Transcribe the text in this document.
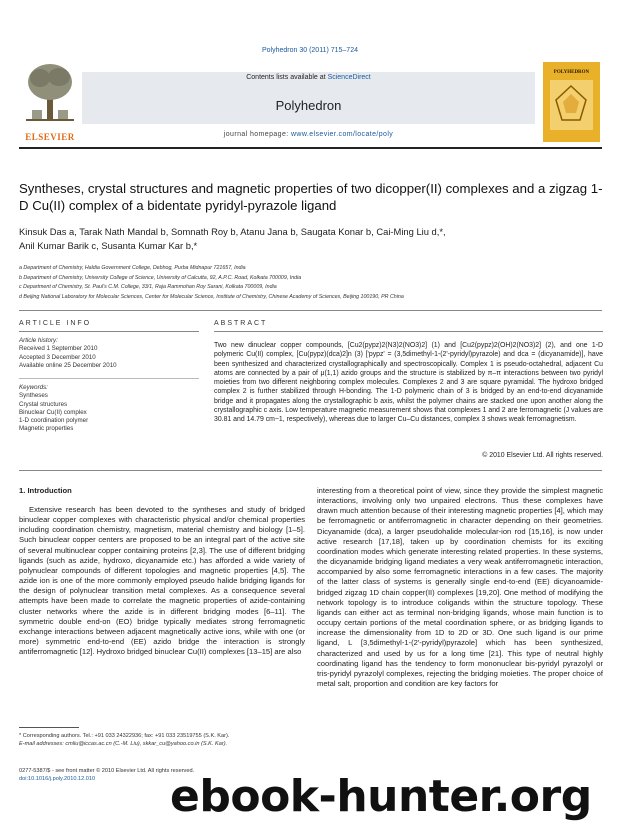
Polyhedron 30 (2011) 715–724
ELSEVIER
Contents lists available at ScienceDirect
Polyhedron
journal homepage: www.elsevier.com/locate/poly
POLYHEDRON
Syntheses, crystal structures and magnetic properties of two dicopper(II) complexes and a zigzag 1-D Cu(II) complex of a bidentate pyridyl-pyrazole ligand
Kinsuk Das a, Tarak Nath Mandal b, Somnath Roy b, Atanu Jana b, Saugata Konar b, Cai-Ming Liu d,*,
Anil Kumar Barik c, Susanta Kumar Kar b,*
a Department of Chemistry, Haldia Government College, Debhog, Purba Midnapur 721657, India
b Department of Chemistry, University College of Science, University of Calcutta, 92, A.P.C. Road, Kolkata 700009, India
c Department of Chemistry, St. Paul's C.M. College, 33/1, Raja Rammohan Roy Sarani, Kolkata 700009, India
d Beijing National Laboratory for Molecular Sciences, Center for Molecular Science, Institute of Chemistry, Chinese Academy of Sciences, Beijing 100190, PR China
ARTICLE INFO
Article history:
Received 1 September 2010
Accepted 3 December 2010
Available online 25 December 2010
Keywords:
Syntheses
Crystal structures
Binuclear Cu(II) complex
1-D coordination polymer
Magnetic properties
ABSTRACT
Two new dinuclear copper compounds, [Cu2(pypz)2(N3)2(NO3)2] (1) and [Cu2(pypz)2(OH)2(NO3)2] (2), and one 1-D polymeric Cu(II) complex, [Cu(pypz)(dca)2]n (3) ['pypz' = (3,5dimethyl-1-(2'-pyridyl)pyrazole) and dca = (dicyanamide)], have been synthesized and characterized crystallographically and spectroscopically. Complex 1 is pseudo-octahedral, adjacent Cu atoms are connected by a pair of μ(1,1) azido groups and the structure is stabilized by π–π interactions between two pyridyl moieties from two different neighboring complex molecules. Complexes 2 and 3 are square pyramidal. The hydroxo bridged complex 2 is further stabilized through H-bonding. The 1-D polymeric chain of 3 is bridged by an end-to-end dicyanamide bridge and it propagates along the crystallographic b axis, whilst the polymer chains are stacked one upon another along the crystallographic c axis. Low temperature magnetic measurement shows that complexes 1 and 2 are ferromagnetic (J values are 30.81 and 14.79 cm−1, respectively), whereas due to larger Cu–Cu distances, complex 3 shows weak ferromagnetism.
© 2010 Elsevier Ltd. All rights reserved.
1. Introduction

Extensive research has been devoted to the syntheses and study of bridged binuclear copper complexes with characteristic physical and/or chemical properties including coordination chemistry, magnetism, material chemistry and biology [1–5]. Such binuclear copper centers are proposed to be an integral part of the active site of several multinuclear copper containing proteins [2,3]. The use of different bridging ligands (such as azide, hydroxo, dicyanamide etc.) has afforded a wide variety of polynuclear compounds of different topologies and magnetic properties [4,5]. The azide ion is one of the more commonly employed pseudo halide bridging ligands for the design of polynuclear transition metal complexes. As a consequence several attempts have been made to correlate the magnetic properties of azide-containing cluster networks where the azide is in different bridging modes [6–11]. The symmetric double end-on (EO) bridge typically mediates strong ferromagnetic exchange interactions between adjacent magnetically active ions, while with one (or more) symmetric end-to-end (EE) azido bridge the interaction is strongly antiferromagnetic [12]. Hydroxo bridged binuclear Cu(II) complexes [13–15] are also

interesting from a theoretical point of view, since they provide the simplest magnetic interactions, involving only two unpaired electrons. Thus these complexes have drawn much attention because of their interesting magnetic properties [4], which may be ferromagnetic or antiferromagnetic in character depending on their geometries. Dicyanamide (dca), a larger pseudohalide molecular-ion rod [15,16], is now under active research [17,18], taken up by coordination chemists for its exciting coordination modes which generate interesting related properties. In these systems, the dicyanamide bridging ligand mediates a very weak antiferromagnetic interaction, accompanied by also some ferromagnetic interactions in a few cases. The majority of the latter class of systems is generally single end-to-end (EE) dicyanoamide-bridged zigzag 1D chain copper(II) complexes [19,20]. One method of modifying the network topology is to introduce coligands within the structure topology. These ligands can either act as terminal non-bridging ligands, whose main function is to occupy certain portions of the metal coordination sphere, or as bridging ligands to increase the dimensionality from 1D to 2D or 3D. One such ligand is our prime ligand, L [3,5dimethyl-1-(2'-pyridyl)pyrazole] which has been synthesized, characterized and used by us for a long time [21]. This type of neutral highly coordinating ligand has the tendency to form mononuclear bis-pyridyl pyrazolyl or tris-pyridyl pyrazolyl complexes, rejecting the bridging moieties. The proper choice of metal salt, proportion and condition are key factors for

* Corresponding authors. Tel.: +91 033 24322936; fax: +91 033 23519755 (S.K. Kar).
E-mail addresses: cmliu@iccas.ac.cn (C.-M. Liu), skkar_cu@yahoo.co.in (S.K. Kar).
0277-5387/$ - see front matter © 2010 Elsevier Ltd. All rights reserved.
doi:10.1016/j.poly.2010.12.010	ebook-hunter.org
